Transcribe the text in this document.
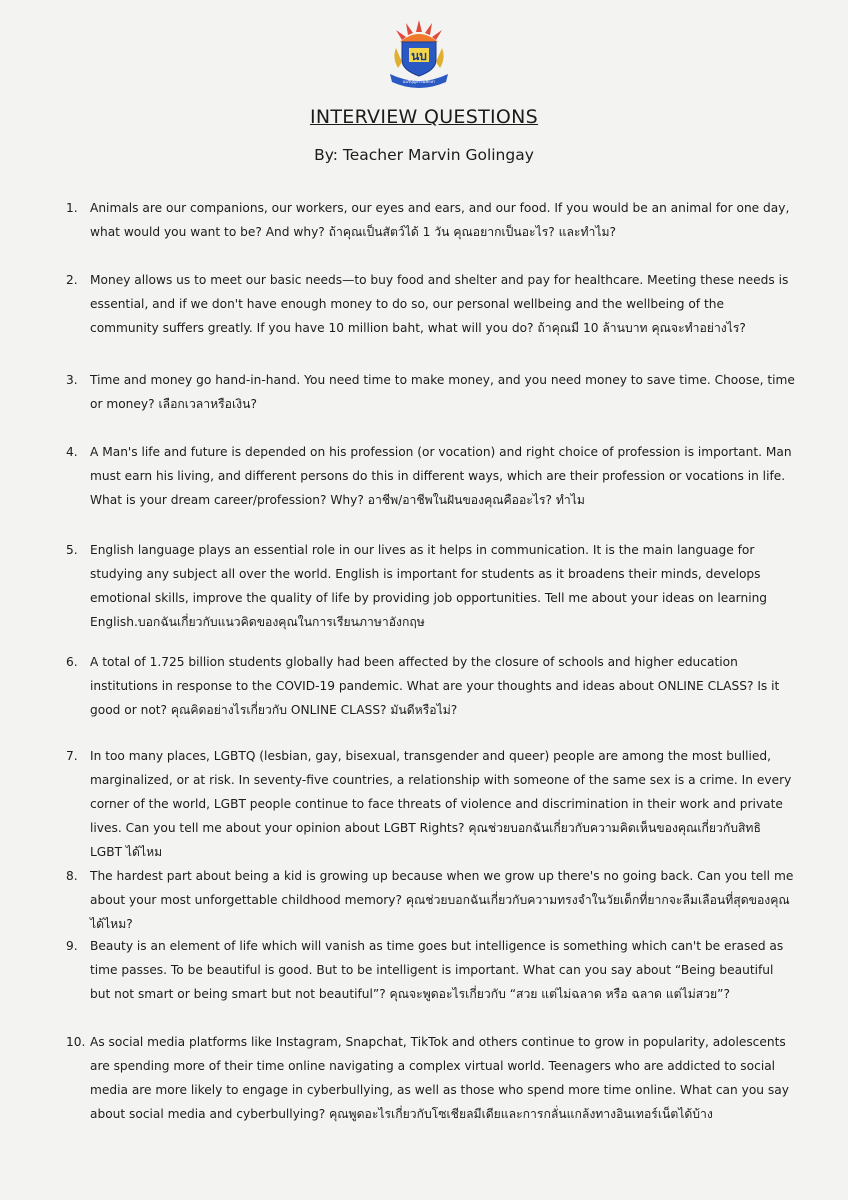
นบ
นบรีบุญธรรมศึกษา
INTERVIEW QUESTIONS
By: Teacher Marvin Golingay
1. Animals are our companions, our workers, our eyes and ears, and our food. If you would be an animal for one day, what would you want to be? And why? ถ้าคุณเป็นสัตว์ได้ 1 วัน คุณอยากเป็นอะไร? และทำไม?
2. Money allows us to meet our basic needs—to buy food and shelter and pay for healthcare. Meeting these needs is essential, and if we don't have enough money to do so, our personal wellbeing and the wellbeing of the community suffers greatly. If you have 10 million baht, what will you do? ถ้าคุณมี 10 ล้านบาท คุณจะทำอย่างไร?
3. Time and money go hand-in-hand. You need time to make money, and you need money to save time. Choose, time or money? เลือกเวลาหรือเงิน?
4. A Man's life and future is depended on his profession (or vocation) and right choice of profession is important. Man must earn his living, and different persons do this in different ways, which are their profession or vocations in life. What is your dream career/profession? Why? อาชีพ/อาชีพในฝันของคุณคืออะไร? ทำไม
5. English language plays an essential role in our lives as it helps in communication. It is the main language for studying any subject all over the world. English is important for students as it broadens their minds, develops emotional skills, improve the quality of life by providing job opportunities. Tell me about your ideas on learning English.บอกฉันเกี่ยวกับแนวคิดของคุณในการเรียนภาษาอังกฤษ
6. A total of 1.725 billion students globally had been affected by the closure of schools and higher education institutions in response to the COVID-19 pandemic. What are your thoughts and ideas about ONLINE CLASS? Is it good or not? คุณคิดอย่างไรเกี่ยวกับ ONLINE CLASS? มันดีหรือไม่?
7. In too many places, LGBTQ (lesbian, gay, bisexual, transgender and queer) people are among the most bullied, marginalized, or at risk. In seventy-five countries, a relationship with someone of the same sex is a crime. In every corner of the world, LGBT people continue to face threats of violence and discrimination in their work and private lives. Can you tell me about your opinion about LGBT Rights? คุณช่วยบอกฉันเกี่ยวกับความคิดเห็นของคุณเกี่ยวกับสิทธิ LGBT ได้ไหม
8. The hardest part about being a kid is growing up because when we grow up there's no going back. Can you tell me about your most unforgettable childhood memory? คุณช่วยบอกฉันเกี่ยวกับความทรงจำในวัยเด็กที่ยากจะลืมเลือนที่สุดของคุณได้ไหม?
9. Beauty is an element of life which will vanish as time goes but intelligence is something which can't be erased as time passes. To be beautiful is good. But to be intelligent is important. What can you say about “Being beautiful but not smart or being smart but not beautiful”? คุณจะพูดอะไรเกี่ยวกับ “สวย แต่ไม่ฉลาด หรือ ฉลาด แต่ไม่สวย”?
10. As social media platforms like Instagram, Snapchat, TikTok and others continue to grow in popularity, adolescents are spending more of their time online navigating a complex virtual world. Teenagers who are addicted to social media are more likely to engage in cyberbullying, as well as those who spend more time online. What can you say about social media and cyberbullying? คุณพูดอะไรเกี่ยวกับโซเชียลมีเดียและการกลั่นแกล้งทางอินเทอร์เน็ตได้บ้าง
